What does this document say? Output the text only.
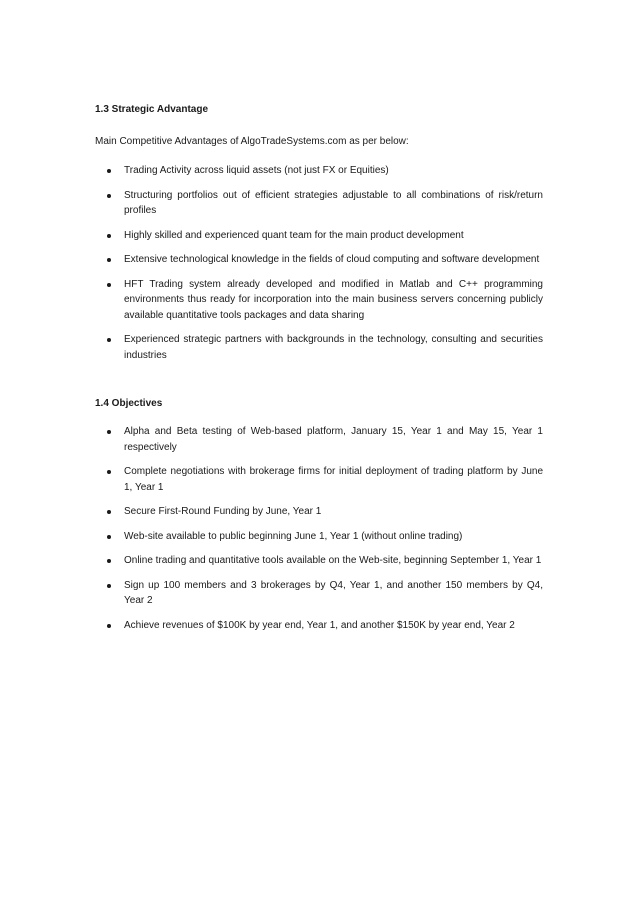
1.3 Strategic Advantage

Main Competitive Advantages of AlgoTradeSystems.com as per below:

Trading Activity across liquid assets (not just FX or Equities)
Structuring portfolios out of efficient strategies adjustable to all combinations of risk/return profiles
Highly skilled and experienced quant team for the main product development
Extensive technological knowledge in the fields of cloud computing and software development
HFT Trading system already developed and modified in Matlab and C++ programming environments thus ready for incorporation into the main business servers concerning publicly available quantitative tools packages and data sharing
Experienced strategic partners with backgrounds in the technology, consulting and securities industries

1.4 Objectives

Alpha and Beta testing of Web-based platform, January 15, Year 1 and May 15, Year 1 respectively
Complete negotiations with brokerage firms for initial deployment of trading platform by June 1, Year 1
Secure First-Round Funding by June, Year 1
Web-site available to public beginning June 1, Year 1 (without online trading)
Online trading and quantitative tools available on the Web-site, beginning September 1, Year 1
Sign up 100 members and 3 brokerages by Q4, Year 1, and another 150 members by Q4, Year 2
Achieve revenues of $100K by year end, Year 1, and another $150K by year end, Year 2
